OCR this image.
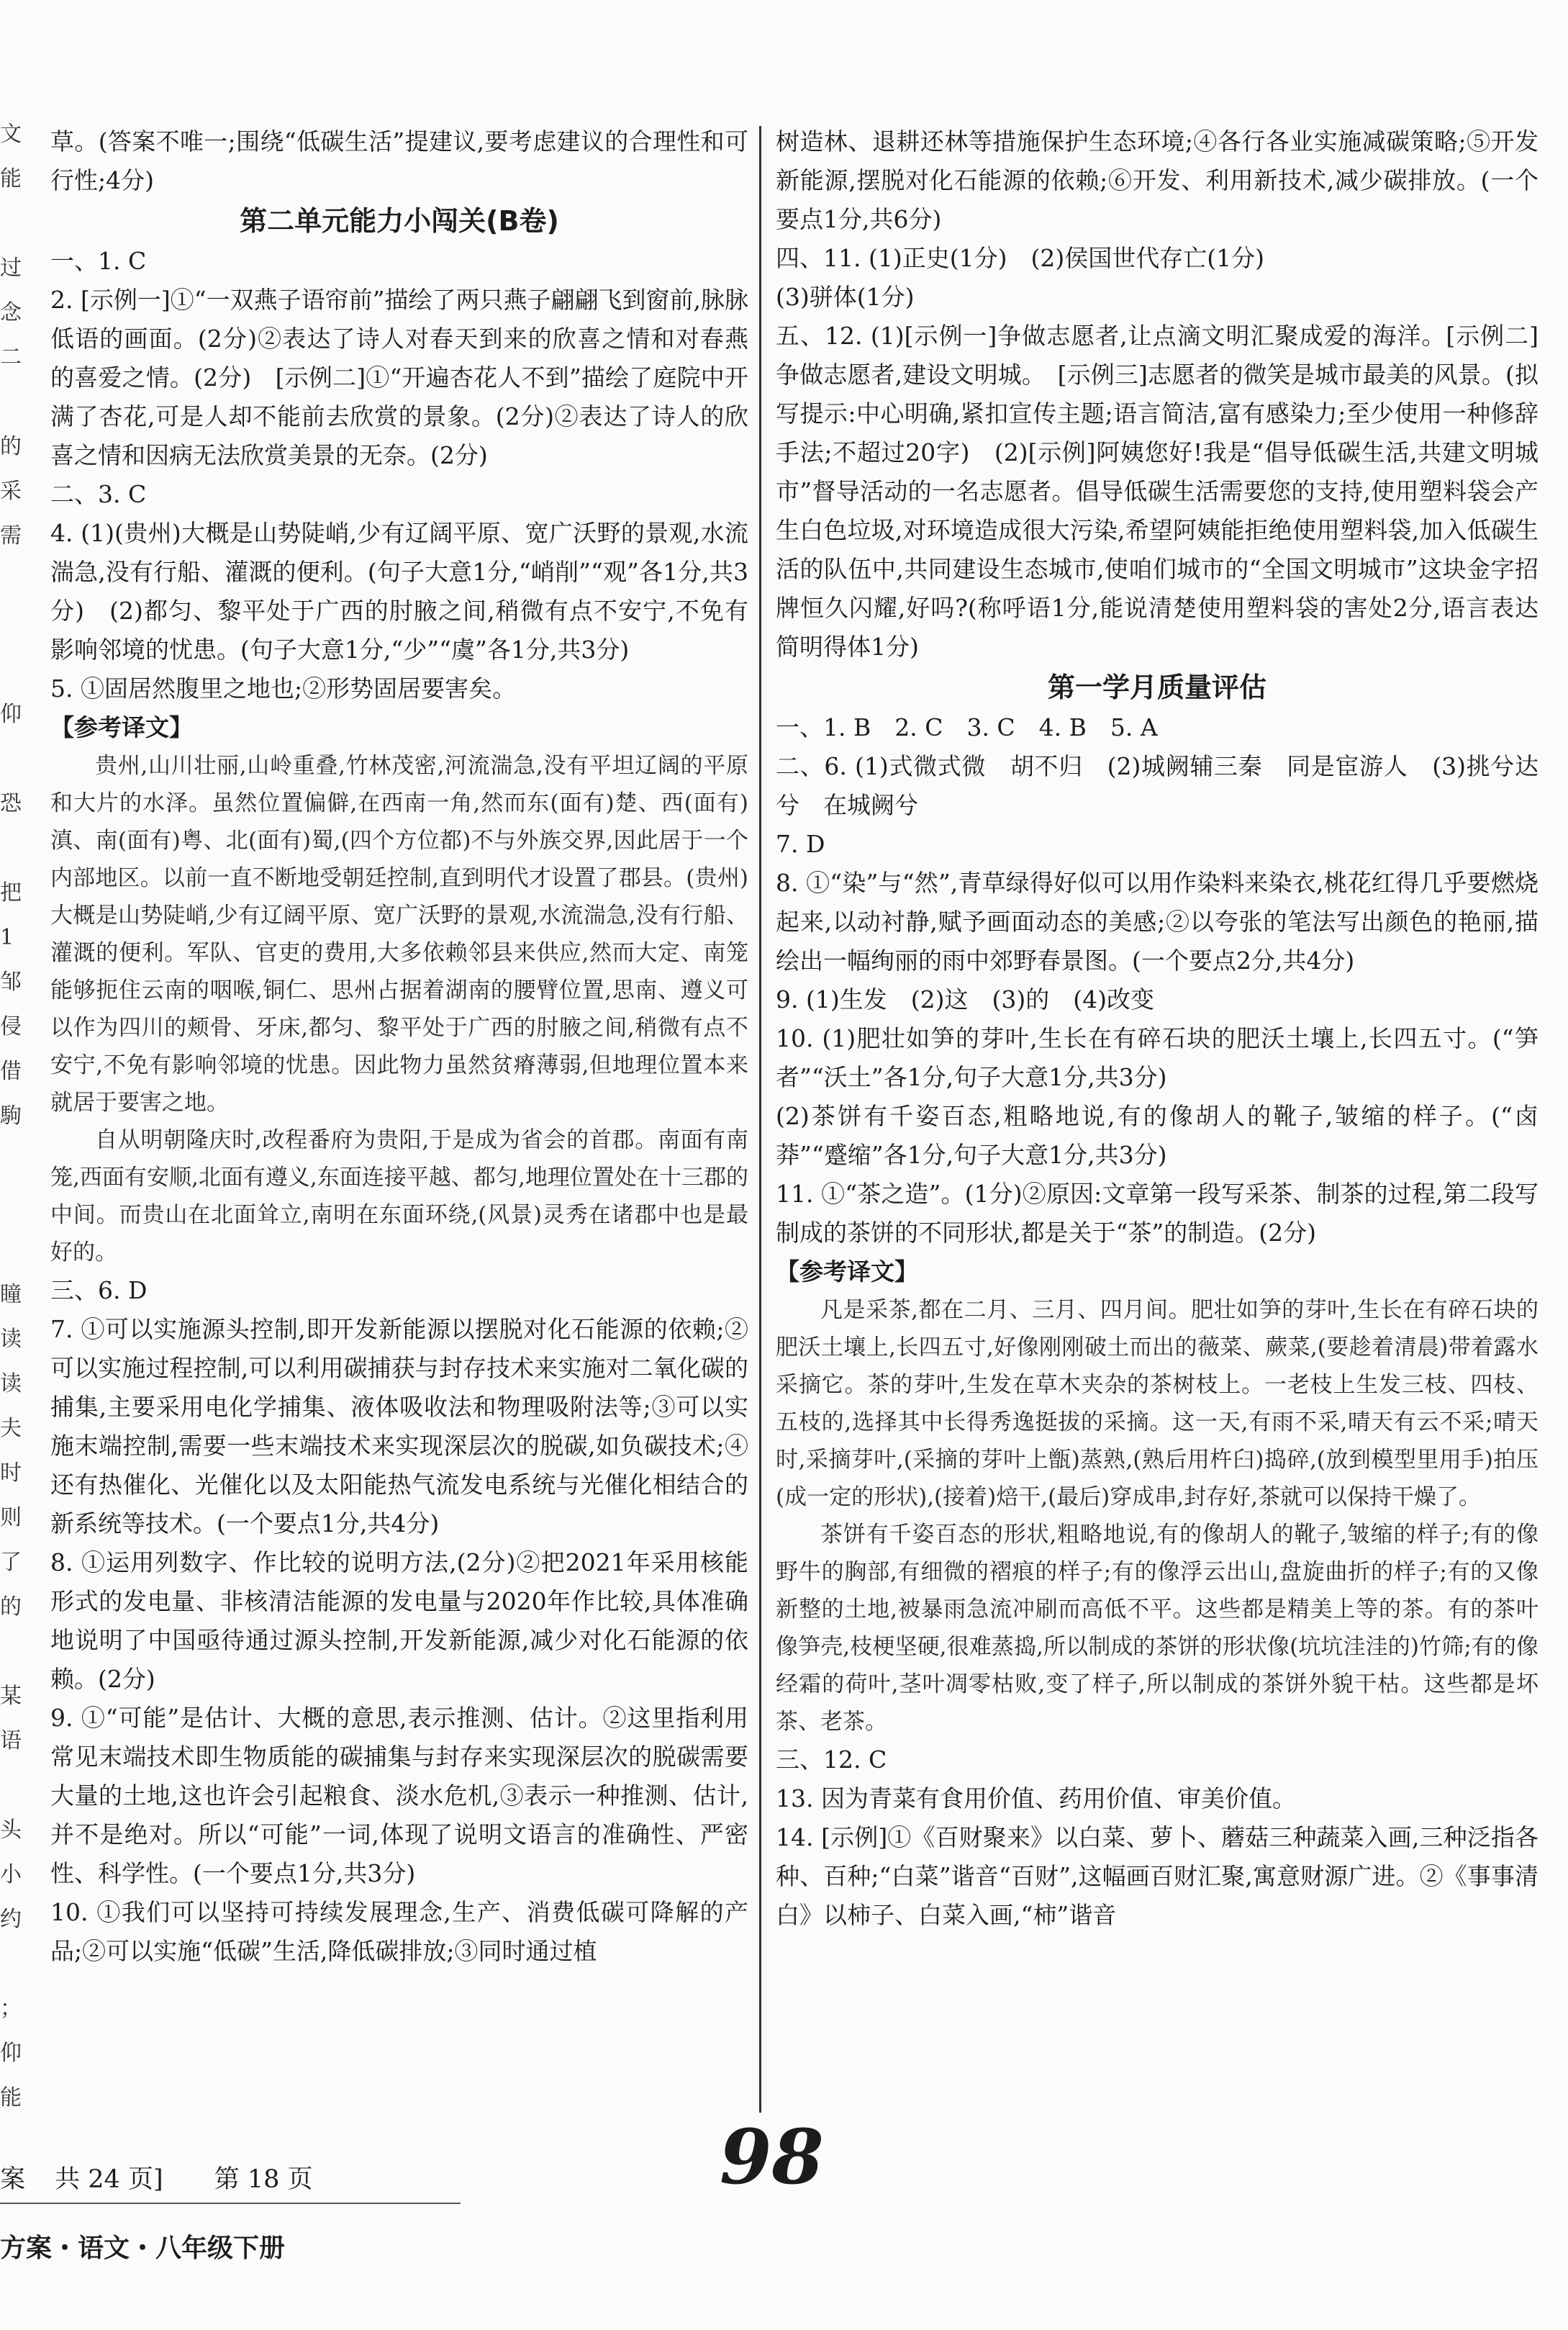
文
能
过
念
二
的
采
需
仰
恐
把
1
邹
侵
借
駒
瞳
读
读
夫
时
则
了
的
某
语
头
小
约
；
仰
能

草。(答案不唯一;围绕“低碳生活”提建议,要考虑建议的合理性和可行性;4分)

第二单元能力小闯关(B卷)

一、1. C

2. [示例一]①“一双燕子语帘前”描绘了两只燕子翩翩飞到窗前,脉脉低语的画面。(2分)②表达了诗人对春天到来的欣喜之情和对春燕的喜爱之情。(2分)　[示例二]①“开遍杏花人不到”描绘了庭院中开满了杏花,可是人却不能前去欣赏的景象。(2分)②表达了诗人的欣喜之情和因病无法欣赏美景的无奈。(2分)

二、3. C

4. (1)(贵州)大概是山势陡峭,少有辽阔平原、宽广沃野的景观,水流湍急,没有行船、灌溉的便利。(句子大意1分,“峭削”“观”各1分,共3分)　(2)都匀、黎平处于广西的肘腋之间,稍微有点不安宁,不免有影响邻境的忧患。(句子大意1分,“少”“虞”各1分,共3分)

5. ①固居然腹里之地也;②形势固居要害矣。

【参考译文】

贵州,山川壮丽,山岭重叠,竹林茂密,河流湍急,没有平坦辽阔的平原和大片的水泽。虽然位置偏僻,在西南一角,然而东(面有)楚、西(面有)滇、南(面有)粤、北(面有)蜀,(四个方位都)不与外族交界,因此居于一个内部地区。以前一直不断地受朝廷控制,直到明代才设置了郡县。(贵州)大概是山势陡峭,少有辽阔平原、宽广沃野的景观,水流湍急,没有行船、灌溉的便利。军队、官吏的费用,大多依赖邻县来供应,然而大定、南笼能够扼住云南的咽喉,铜仁、思州占据着湖南的腰臂位置,思南、遵义可以作为四川的颊骨、牙床,都匀、黎平处于广西的肘腋之间,稍微有点不安宁,不免有影响邻境的忧患。因此物力虽然贫瘠薄弱,但地理位置本来就居于要害之地。

自从明朝隆庆时,改程番府为贵阳,于是成为省会的首郡。南面有南笼,西面有安顺,北面有遵义,东面连接平越、都匀,地理位置处在十三郡的中间。而贵山在北面耸立,南明在东面环绕,(风景)灵秀在诸郡中也是最好的。

三、6. D

7. ①可以实施源头控制,即开发新能源以摆脱对化石能源的依赖;②可以实施过程控制,可以利用碳捕获与封存技术来实施对二氧化碳的捕集,主要采用电化学捕集、液体吸收法和物理吸附法等;③可以实施末端控制,需要一些末端技术来实现深层次的脱碳,如负碳技术;④还有热催化、光催化以及太阳能热气流发电系统与光催化相结合的新系统等技术。(一个要点1分,共4分)

8. ①运用列数字、作比较的说明方法,(2分)②把2021年采用核能形式的发电量、非核清洁能源的发电量与2020年作比较,具体准确地说明了中国亟待通过源头控制,开发新能源,减少对化石能源的依赖。(2分)

9. ①“可能”是估计、大概的意思,表示推测、估计。②这里指利用常见末端技术即生物质能的碳捕集与封存来实现深层次的脱碳需要大量的土地,这也许会引起粮食、淡水危机,③表示一种推测、估计,并不是绝对。所以“可能”一词,体现了说明文语言的准确性、严密性、科学性。(一个要点1分,共3分)

10. ①我们可以坚持可持续发展理念,生产、消费低碳可降解的产品;②可以实施“低碳”生活,降低碳排放;③同时通过植

树造林、退耕还林等措施保护生态环境;④各行各业实施减碳策略;⑤开发新能源,摆脱对化石能源的依赖;⑥开发、利用新技术,减少碳排放。(一个要点1分,共6分)

四、11. (1)正史(1分)　(2)侯国世代存亡(1分)

(3)骈体(1分)

五、12. (1)[示例一]争做志愿者,让点滴文明汇聚成爱的海洋。[示例二]争做志愿者,建设文明城。　[示例三]志愿者的微笑是城市最美的风景。(拟写提示:中心明确,紧扣宣传主题;语言简洁,富有感染力;至少使用一种修辞手法;不超过20字)　(2)[示例]阿姨您好!我是“倡导低碳生活,共建文明城市”督导活动的一名志愿者。倡导低碳生活需要您的支持,使用塑料袋会产生白色垃圾,对环境造成很大污染,希望阿姨能拒绝使用塑料袋,加入低碳生活的队伍中,共同建设生态城市,使咱们城市的“全国文明城市”这块金字招牌恒久闪耀,好吗?(称呼语1分,能说清楚使用塑料袋的害处2分,语言表达简明得体1分)

第一学月质量评估

一、1. B　2. C　3. C　4. B　5. A

二、6. (1)式微式微　胡不归　(2)城阙辅三秦　同是宦游人　(3)挑兮达兮　在城阙兮

7. D

8. ①“染”与“然”,青草绿得好似可以用作染料来染衣,桃花红得几乎要燃烧起来,以动衬静,赋予画面动态的美感;②以夸张的笔法写出颜色的艳丽,描绘出一幅绚丽的雨中郊野春景图。(一个要点2分,共4分)

9. (1)生发　(2)这　(3)的　(4)改变

10. (1)肥壮如笋的芽叶,生长在有碎石块的肥沃土壤上,长四五寸。(“笋者”“沃土”各1分,句子大意1分,共3分)

(2)茶饼有千姿百态,粗略地说,有的像胡人的靴子,皱缩的样子。(“卤莽”“蹙缩”各1分,句子大意1分,共3分)

11. ①“茶之造”。(1分)②原因:文章第一段写采茶、制茶的过程,第二段写制成的茶饼的不同形状,都是关于“茶”的制造。(2分)

【参考译文】

凡是采茶,都在二月、三月、四月间。肥壮如笋的芽叶,生长在有碎石块的肥沃土壤上,长四五寸,好像刚刚破土而出的薇菜、蕨菜,(要趁着清晨)带着露水采摘它。茶的芽叶,生发在草木夹杂的茶树枝上。一老枝上生发三枝、四枝、五枝的,选择其中长得秀逸挺拔的采摘。这一天,有雨不采,晴天有云不采;晴天时,采摘芽叶,(采摘的芽叶上甑)蒸熟,(熟后用杵臼)捣碎,(放到模型里用手)拍压(成一定的形状),(接着)焙干,(最后)穿成串,封存好,茶就可以保持干燥了。

茶饼有千姿百态的形状,粗略地说,有的像胡人的靴子,皱缩的样子;有的像野牛的胸部,有细微的褶痕的样子;有的像浮云出山,盘旋曲折的样子;有的又像新整的土地,被暴雨急流冲刷而高低不平。这些都是精美上等的茶。有的茶叶像笋壳,枝梗坚硬,很难蒸捣,所以制成的茶饼的形状像(坑坑洼洼的)竹筛;有的像经霜的荷叶,茎叶凋零枯败,变了样子,所以制成的茶饼外貌干枯。这些都是坏茶、老茶。

三、12. C

13. 因为青菜有食用价值、药用价值、审美价值。

14. [示例]①《百财聚来》以白菜、萝卜、蘑菇三种蔬菜入画,三种泛指各种、百种;“白菜”谐音“百财”,这幅画百财汇聚,寓意财源广进。②《事事清白》以柿子、白菜入画,“柿”谐音

98
案 共 24 页] 第 18 页
方案・语文・八年级下册
